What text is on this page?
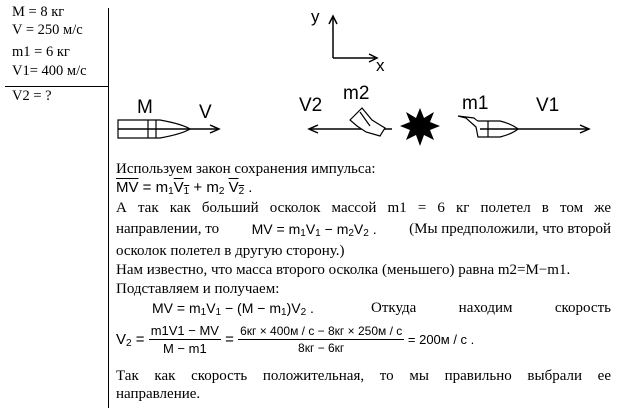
M = 8 кг
V = 250 м/с
m1 = 6 кг
V1= 400 м/с
V2 = ?
y
x
M V	V2
m2	m1	V1
Используем закон сохранения импульса:
$\overline{MV} = m_1V_1 + m_2$ $V_2$ .
А так как больший осколок массой m1 = 6 кг полетел в том же
направлении, то MV = $m_1V_1 - m_2V_2$ . (Мы предположили, что второй
осколок полетел в другую сторону.)
Нам известно, что масса второго осколка (меньшего) равна m2=M−m1.
Подставляем и получаем:
MV = $m_1V_1 - (M - m_1)V_2$ .	Откуда	находим	скорость
$V_2 = \frac{m1V1 - MV}{M - m1} = \frac{6кг \times 400м / с - 8кг \times 250м / с}{8кг - 6кг}$
= 200м / с .
Так как скорость положительная, то мы правильно выбрали ее
направление.
